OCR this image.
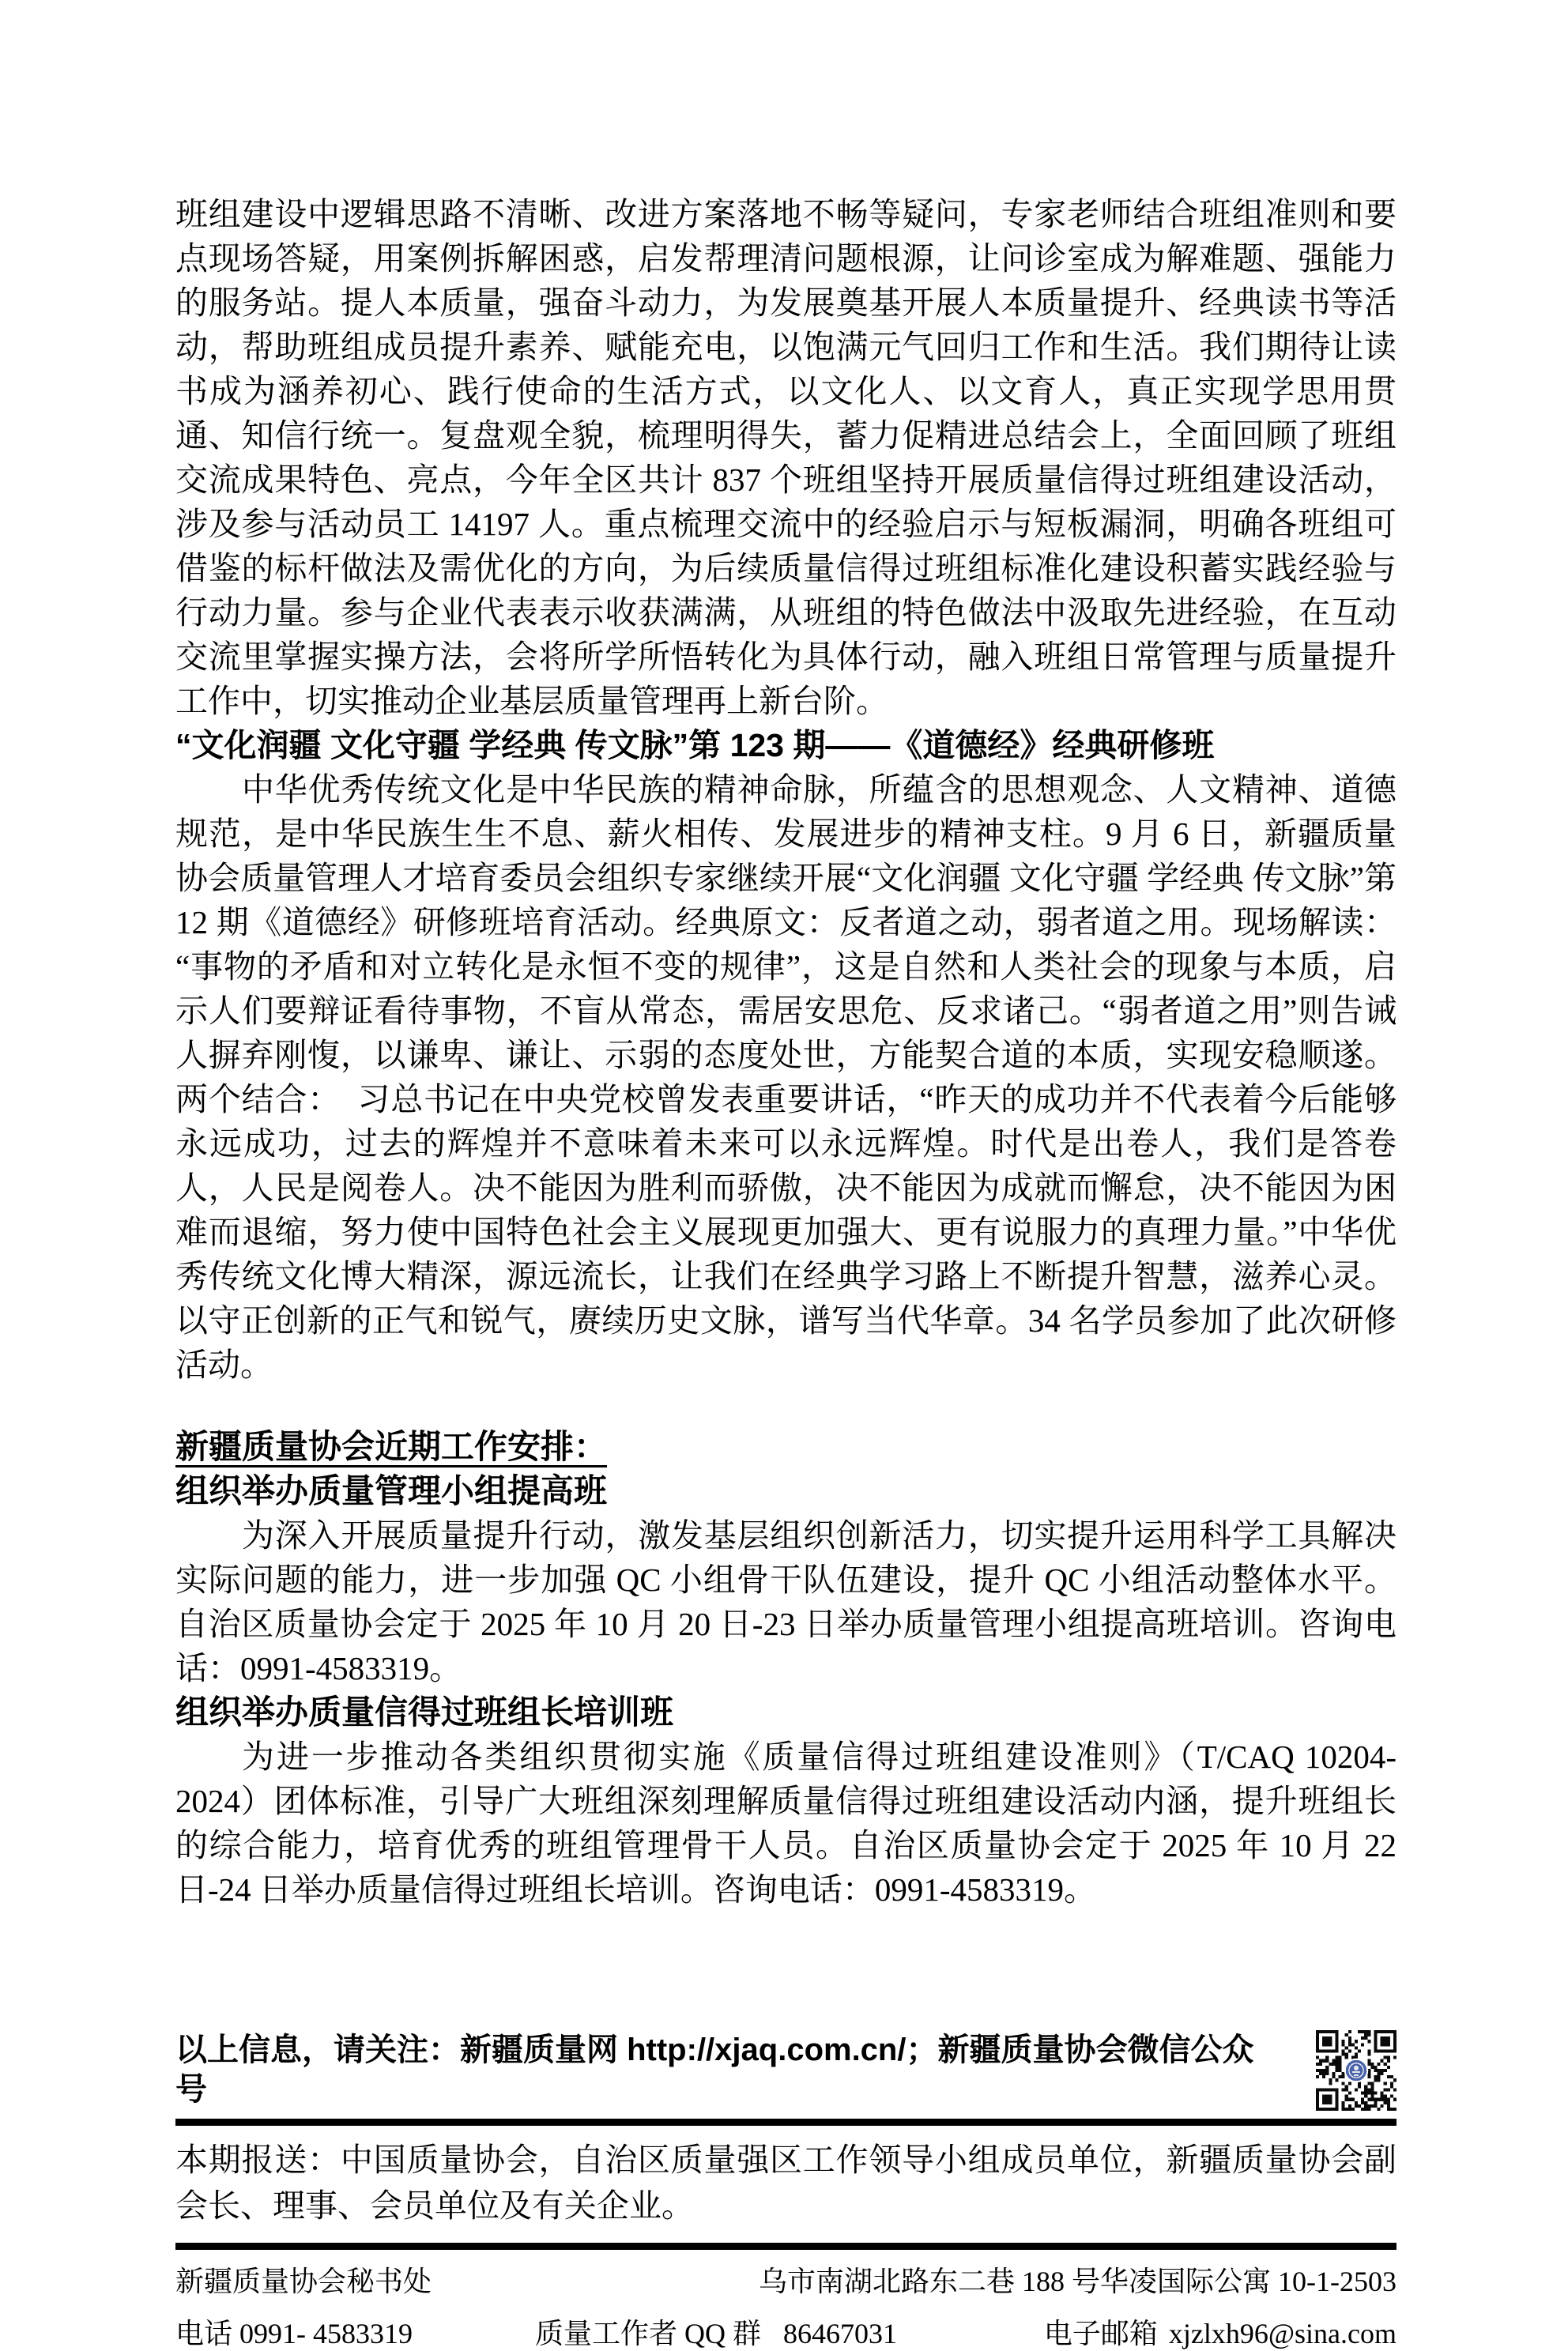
班组建设中逻辑思路不清晰、改进方案落地不畅等疑问，专家老师结合班组准则和要点现场答疑，用案例拆解困惑，启发帮理清问题根源，让问诊室成为解难题、强能力的服务站。提人本质量，强奋斗动力，为发展奠基开展人本质量提升、经典读书等活动，帮助班组成员提升素养、赋能充电，以饱满元气回归工作和生活。我们期待让读书成为涵养初心、践行使命的生活方式，以文化人、以文育人，真正实现学思用贯通、知信行统一。复盘观全貌，梳理明得失，蓄力促精进总结会上，全面回顾了班组交流成果特色、亮点，今年全区共计 837 个班组坚持开展质量信得过班组建设活动，涉及参与活动员工 14197 人。重点梳理交流中的经验启示与短板漏洞，明确各班组可借鉴的标杆做法及需优化的方向，为后续质量信得过班组标准化建设积蓄实践经验与行动力量。参与企业代表表示收获满满，从班组的特色做法中汲取先进经验，在互动交流里掌握实操方法，会将所学所悟转化为具体行动，融入班组日常管理与质量提升工作中，切实推动企业基层质量管理再上新台阶。

“文化润疆 文化守疆 学经典 传文脉”第 123 期——《道德经》经典研修班

中华优秀传统文化是中华民族的精神命脉，所蕴含的思想观念、人文精神、道德规范，是中华民族生生不息、薪火相传、发展进步的精神支柱。9 月 6 日，新疆质量协会质量管理人才培育委员会组织专家继续开展“文化润疆 文化守疆 学经典 传文脉”第 12 期《道德经》研修班培育活动。经典原文：反者道之动，弱者道之用。现场解读：“事物的矛盾和对立转化是永恒不变的规律”，这是自然和人类社会的现象与本质，启示人们要辩证看待事物，不盲从常态，需居安思危、反求诸己。“弱者道之用”则告诫人摒弃刚愎，以谦卑、谦让、示弱的态度处世，方能契合道的本质，实现安稳顺遂。两个结合：　习总书记在中央党校曾发表重要讲话，“昨天的成功并不代表着今后能够永远成功，过去的辉煌并不意味着未来可以永远辉煌。时代是出卷人，我们是答卷人，人民是阅卷人。决不能因为胜利而骄傲，决不能因为成就而懈怠，决不能因为困难而退缩，努力使中国特色社会主义展现更加强大、更有说服力的真理力量。”中华优秀传统文化博大精深，源远流长，让我们在经典学习路上不断提升智慧，滋养心灵。以守正创新的正气和锐气，赓续历史文脉，谱写当代华章。34 名学员参加了此次研修活动。

新疆质量协会近期工作安排：
组织举办质量管理小组提高班

为深入开展质量提升行动，激发基层组织创新活力，切实提升运用科学工具解决实际问题的能力，进一步加强 QC 小组骨干队伍建设，提升 QC 小组活动整体水平。自治区质量协会定于 2025 年 10 月 20 日-23 日举办质量管理小组提高班培训。咨询电话：0991-4583319。

组织举办质量信得过班组长培训班

为进一步推动各类组织贯彻实施《质量信得过班组建设准则》（T/CAQ 10204-2024）团体标准，引导广大班组深刻理解质量信得过班组建设活动内涵，提升班组长的综合能力，培育优秀的班组管理骨干人员。自治区质量协会定于 2025 年 10 月 22 日-24 日举办质量信得过班组长培训。咨询电话：0991-4583319。

以上信息，请关注：新疆质量网 http://xjaq.com.cn/；新疆质量协会微信公众号

本期报送：中国质量协会，自治区质量强区工作领导小组成员单位，新疆质量协会副会长、理事、会员单位及有关企业。

新疆质量协会秘书处	乌市南湖北路东二巷 188 号华凌国际公寓 10-1-2503
电话 0991- 4583319	质量工作者 QQ 群 86467031	电子邮箱 xjzlxh96@sina.com
